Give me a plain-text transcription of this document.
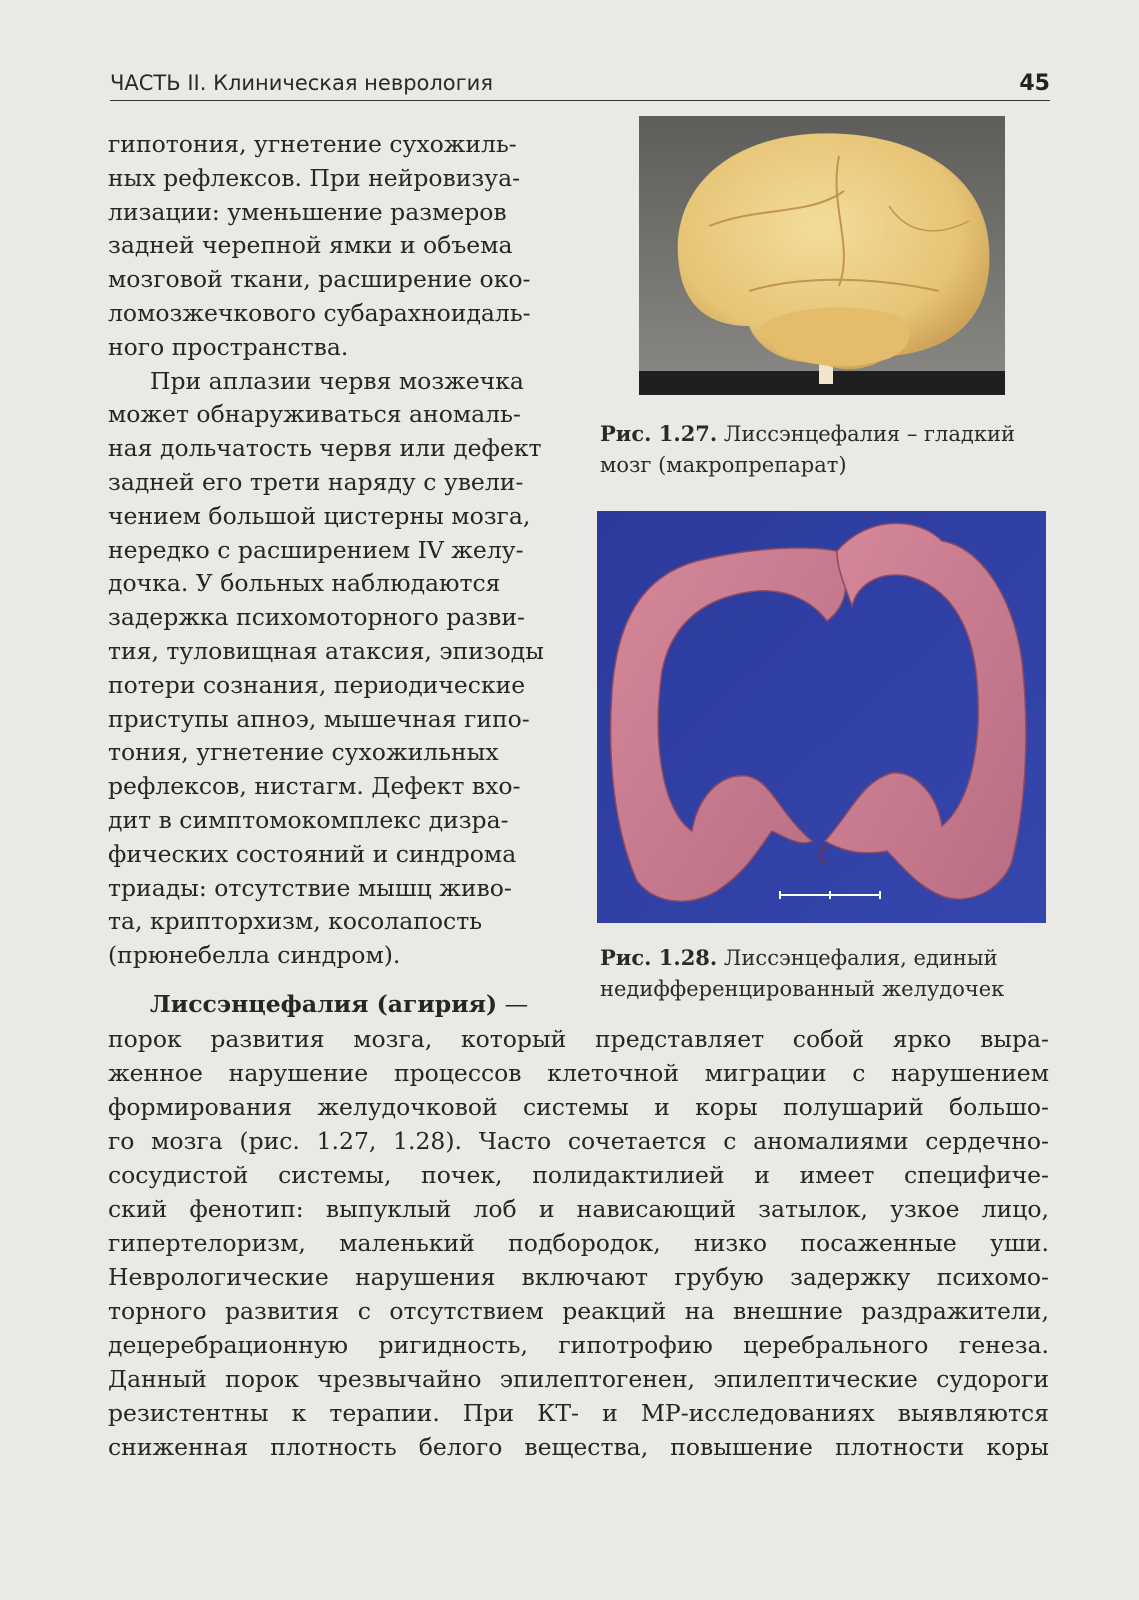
ЧАСТЬ II. Клиническая неврология	45

гипотония, угнетение сухожиль-
ных рефлексов. При нейровизуа-
лизации: уменьшение размеров
задней черепной ямки и объема
мозговой ткани, расширение око-
ломозжечкового субарахноидаль-
ного пространства.

При аплазии червя мозжечка
может обнаруживаться аномаль-
ная дольчатость червя или дефект
задней его трети наряду с увели-
чением большой цистерны мозга,
нередко с расширением IV желу-
дочка. У больных наблюдаются
задержка психомоторного разви-
тия, туловищная атаксия, эпизоды
потери сознания, периодические
приступы апноэ, мышечная гипо-
тония, угнетение сухожильных
рефлексов, нистагм. Дефект вхо-
дит в симптомокомплекс дизра-
фических состояний и синдрома
триады: отсутствие мышц живо-
та, крипторхизм, косолапость
(прюнебелла синдром).

Рис. 1.27. Лиссэнцефалия – гладкий мозг (макропрепарат)
Рис. 1.28. Лиссэнцефалия, единый недифференцированный желудочек
Лиссэнцефалия (агирия) —

порок развития мозга, который представляет собой ярко выра-
женное нарушение процессов клеточной миграции с нарушением
формирования желудочковой системы и коры полушарий большо-
го мозга (рис. 1.27, 1.28). Часто сочетается с аномалиями сердечно-
сосудистой системы, почек, полидактилией и имеет специфиче-
ский фенотип: выпуклый лоб и нависающий затылок, узкое лицо,
гипертелоризм, маленький подбородок, низко посаженные уши.
Неврологические нарушения включают грубую задержку психомо-
торного развития с отсутствием реакций на внешние раздражители,
децеребрационную ригидность, гипотрофию церебрального генеза.
Данный порок чрезвычайно эпилептогенен, эпилептические судороги
резистентны к терапии. При КТ- и МР-исследованиях выявляются
сниженная плотность белого вещества, повышение плотности коры
